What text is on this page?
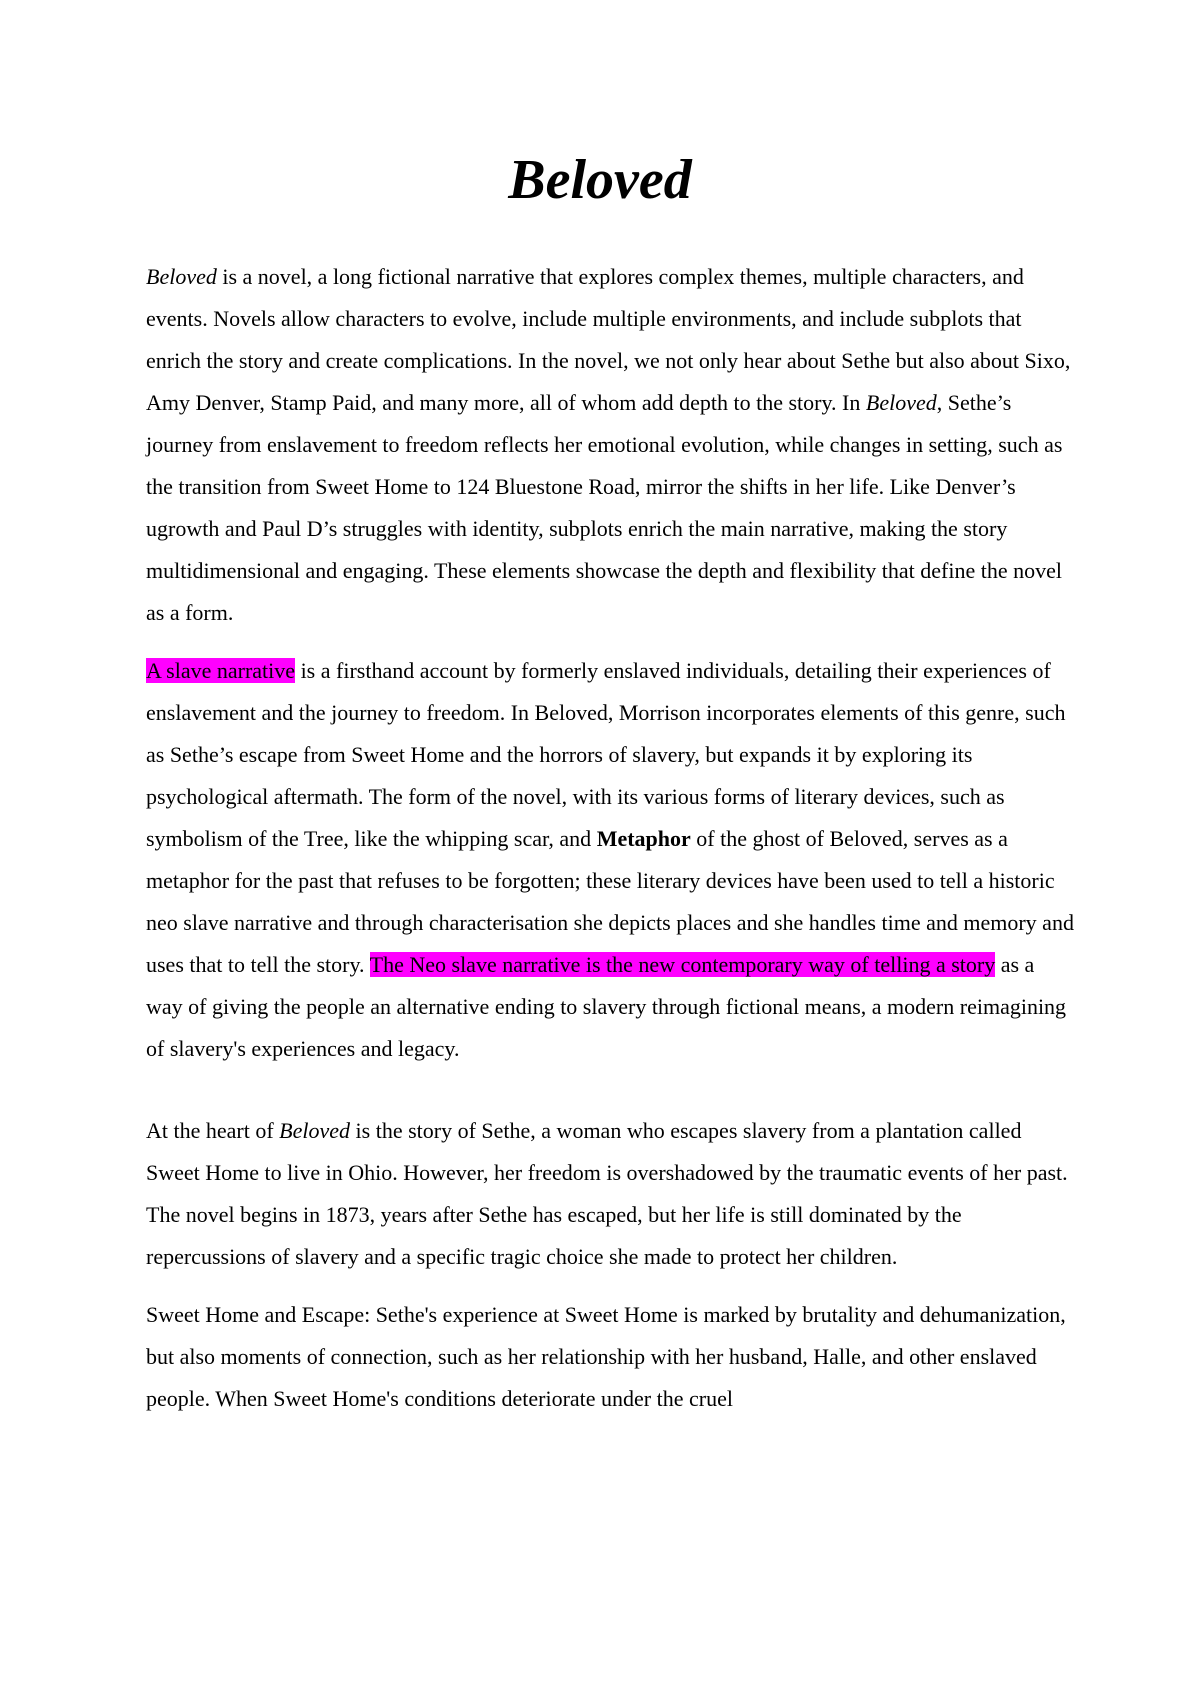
Beloved

Beloved is a novel, a long fictional narrative that explores complex themes, multiple characters, and events. Novels allow characters to evolve, include multiple environments, and include subplots that enrich the story and create complications. In the novel, we not only hear about Sethe but also about Sixo, Amy Denver, Stamp Paid, and many more, all of whom add depth to the story. In Beloved, Sethe’s journey from enslavement to freedom reflects her emotional evolution, while changes in setting, such as the transition from Sweet Home to 124 Bluestone Road, mirror the shifts in her life. Like Denver’s ugrowth and Paul D’s struggles with identity, subplots enrich the main narrative, making the story multidimensional and engaging. These elements showcase the depth and flexibility that define the novel as a form.

A slave narrative is a firsthand account by formerly enslaved individuals, detailing their experiences of enslavement and the journey to freedom. In Beloved, Morrison incorporates elements of this genre, such as Sethe’s escape from Sweet Home and the horrors of slavery, but expands it by exploring its psychological aftermath. The form of the novel, with its various forms of literary devices, such as symbolism of the Tree, like the whipping scar, and Metaphor of the ghost of Beloved, serves as a metaphor for the past that refuses to be forgotten; these literary devices have been used to tell a historic neo slave narrative and through characterisation she depicts places and she handles time and memory and uses that to tell the story. The Neo slave narrative is the new contemporary way of telling a story as a way of giving the people an alternative ending to slavery through fictional means, a modern reimagining of slavery's experiences and legacy.

At the heart of Beloved is the story of Sethe, a woman who escapes slavery from a plantation called Sweet Home to live in Ohio. However, her freedom is overshadowed by the traumatic events of her past. The novel begins in 1873, years after Sethe has escaped, but her life is still dominated by the repercussions of slavery and a specific tragic choice she made to protect her children.

Sweet Home and Escape: Sethe's experience at Sweet Home is marked by brutality and dehumanization, but also moments of connection, such as her relationship with her husband, Halle, and other enslaved people. When Sweet Home's conditions deteriorate under the cruel
